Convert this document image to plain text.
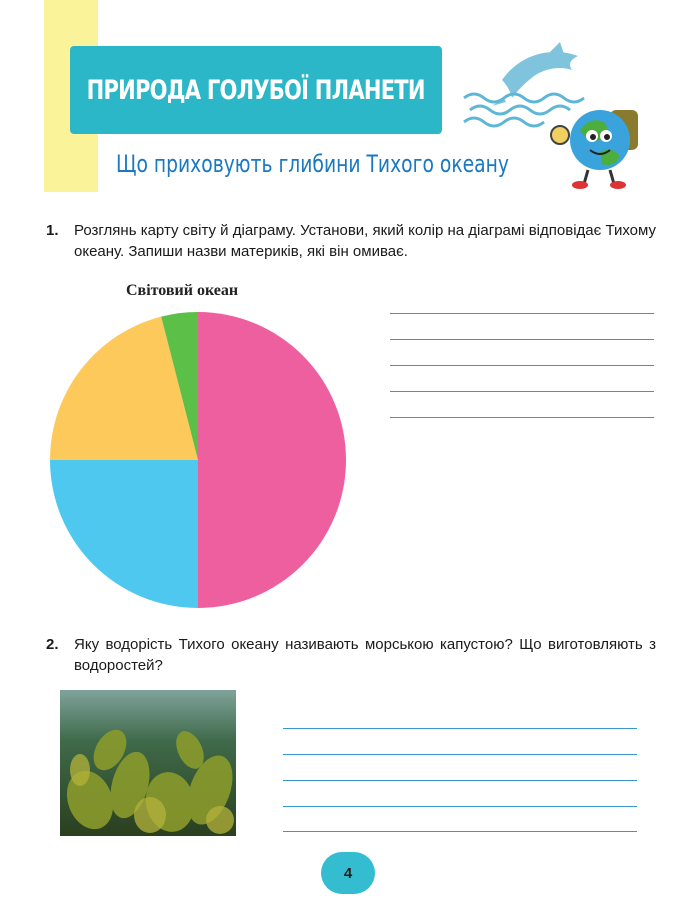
ПРИРОДА ГОЛУБОЇ ПЛАНЕТИ
Що приховують глибини Тихого океану
1. Розглянь карту світу й діаграму. Установи, який колір на діаграмі відповідає Тихому океану. Запиши назви материків, які він омиває.
Світовий океан
2. Яку водорість Тихого океану називають морською капустою? Що виготовляють з водоростей?
4
